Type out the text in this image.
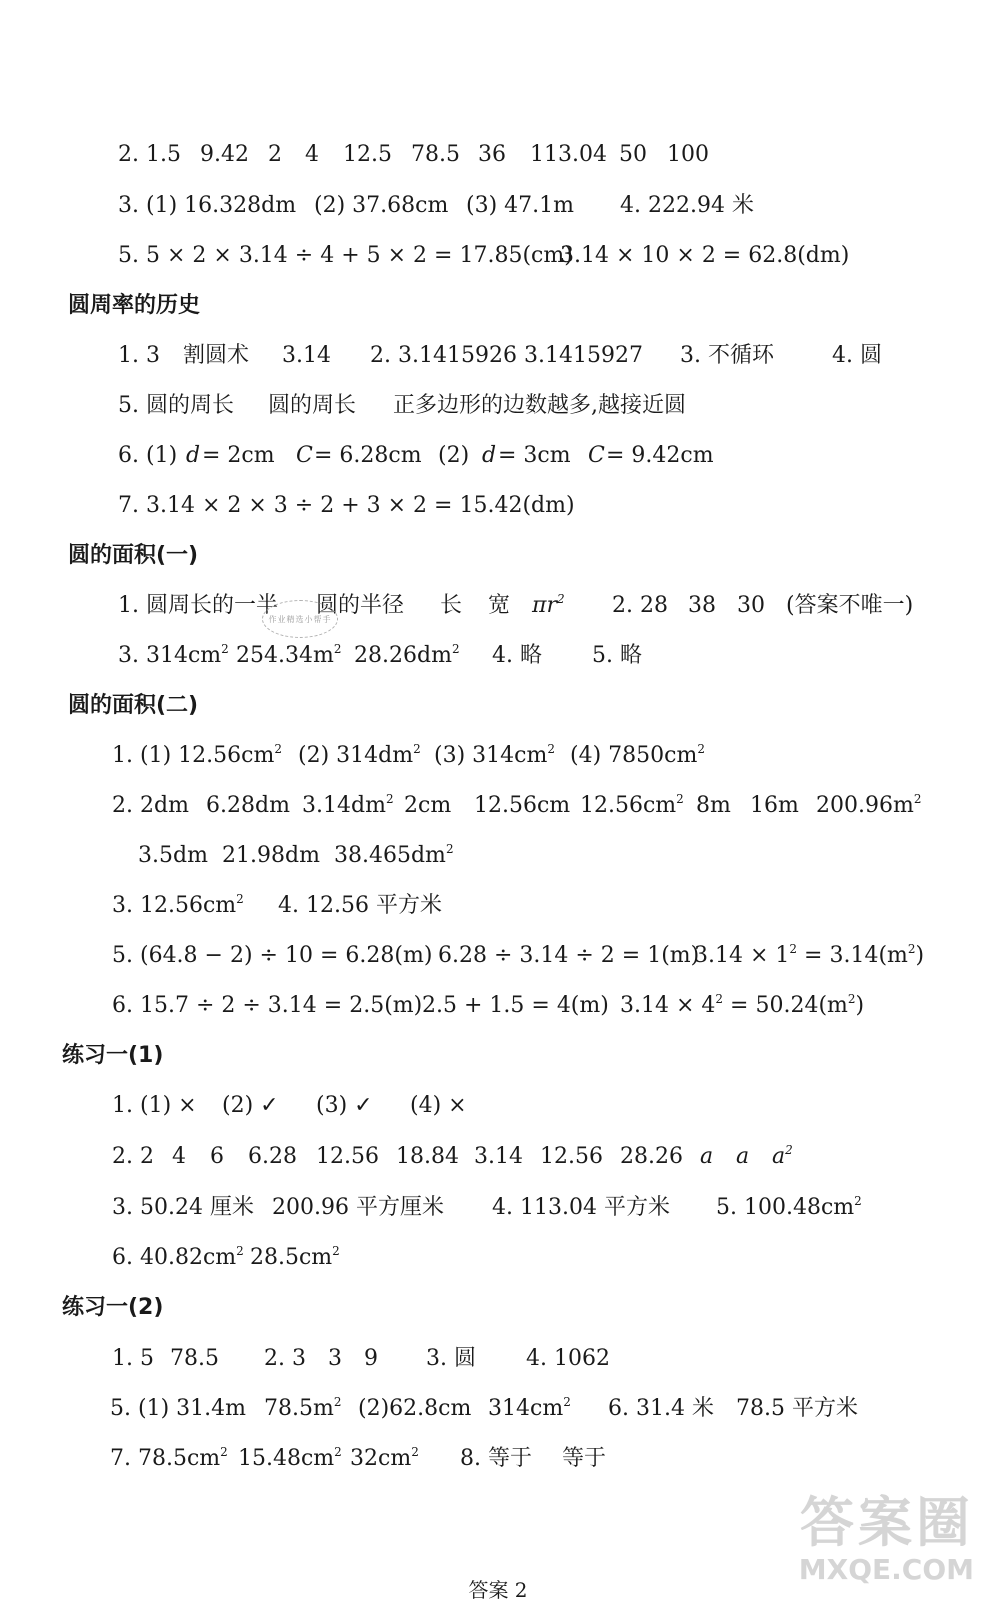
2. 1.5 9.42 2 4 12.5 78.5 36 113.04 50 100
3. (1) 16.328dm (2) 37.68cm (3) 47.1m 4. 222.94 米
5. 5 × 2 × 3.14 ÷ 4 + 5 × 2 = 17.85(cm)
3.14 × 10 × 2 = 62.8(dm)
圆周率的历史
1. 3 割圆术 3.14 2. 3.1415926 3.1415927 3. 不循环	4. 圆
5. 圆的周长 圆的周长 正多边形的边数越多,越接近圆
6. (1) d = 2cm C = 6.28cm (2) d = 3cm C = 9.42cm
7. 3.14 × 2 × 3 ÷ 2 + 3 × 2 = 15.42(dm)
圆的面积(一)
1. 圆周长的一半 圆的半径 长 宽 $\pi r^2$ 2. 28 38 30 (答案不唯一)
作业精选小帮手
3. $314cm^2$ $254.34m^2$ $28.26dm^2$ 4. 略 5. 略
圆的面积(二)
1. (1) $12.56cm^2$ (2) $314dm^2$ (3) $314cm^2$ (4) $7850cm^2$
2. 2dm 6.28dm $3.14dm^2$ 2cm 12.56cm $12.56cm^2$ 8m 16m $200.96m^2$
3.5dm 21.98dm $38.465dm^2$
3. $12.56cm^2$ 4. 12.56 平方米
5. (64.8 − 2) ÷ 10 = 6.28(m) 6.28 ÷ 3.14 ÷ 2 = 1(m)
$3.14 \times 1^2 = 3.14(m^2)$
6. 15.7 ÷ 2 ÷ 3.14 = 2.5(m) 2.5 + 1.5 = 4(m) $3.14 \times 4^2 = 50.24(m^2)$
练习一(1)
1. (1) × (2) ✓ (3) ✓ (4) ×
2. 2 4 6 6.28 12.56 18.84 3.14 12.56 28.26 a a $a^2$
3. 50.24 厘米 200.96 平方厘米 4. 113.04 平方米 5. $100.48cm^2$
6. $40.82cm^2$ $28.5cm^2$
练习一(2)
1. 5 78.5 2. 3 3 9 3. 圆 4. 1062
5. (1) 31.4m $78.5m^2$ (2)62.8cm $314cm^2$ 6. 31.4 米 78.5 平方米
7. $78.5cm^2$ $15.48cm^2$ $32cm^2$ 8. 等于 等于
答案圈
MXQE.COM
答案 2
